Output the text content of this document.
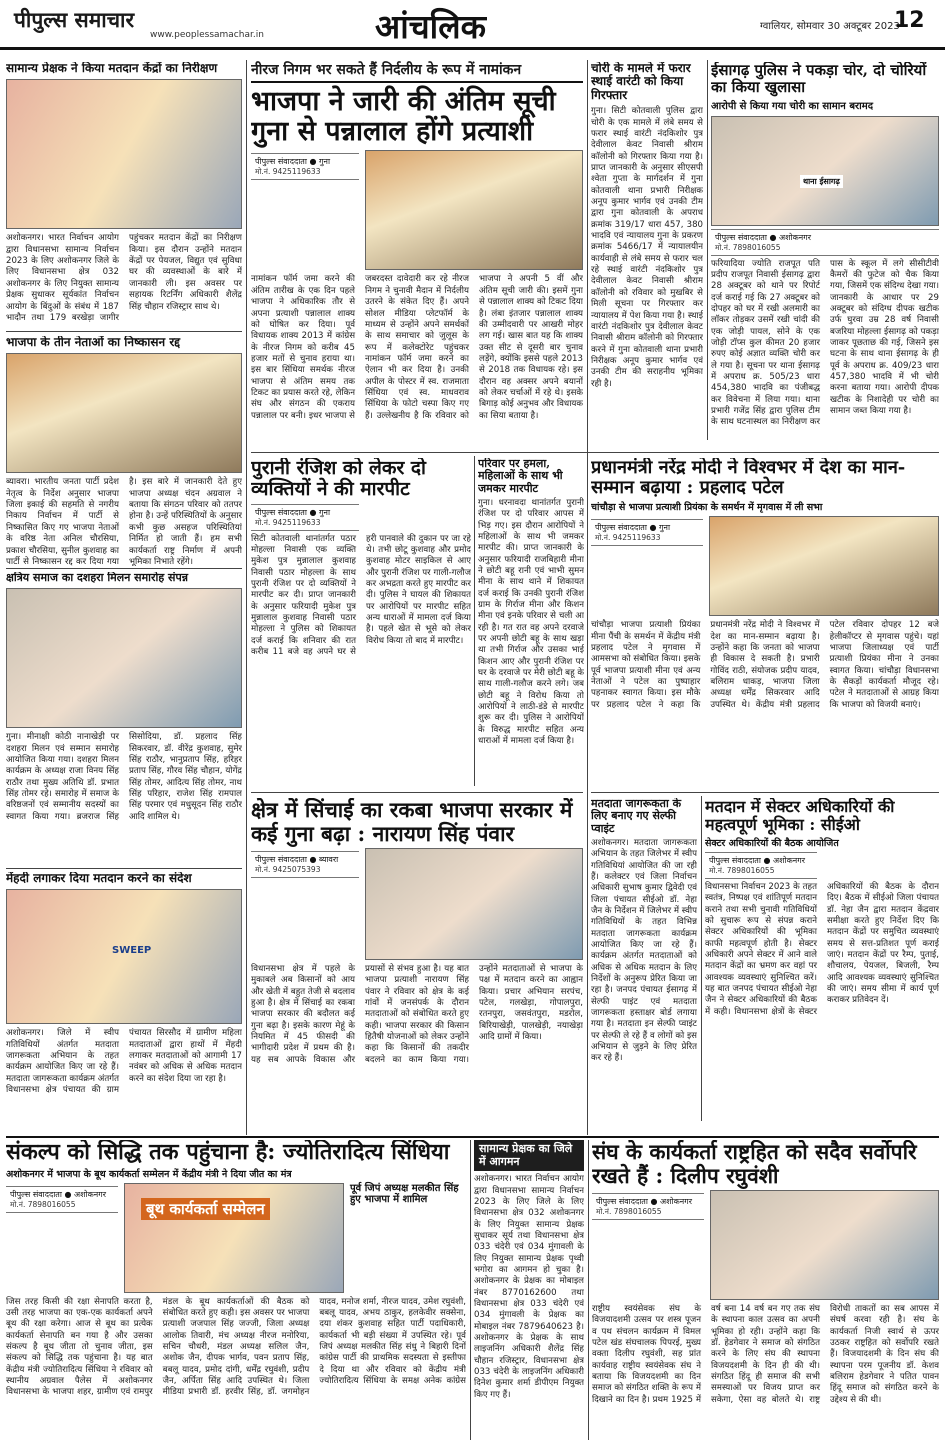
पीपुल्स समाचार
www.peoplessamachar.in	आंचलिक	ग्वालियर, सोमवार 30 अक्टूबर 2023
12
सामान्य प्रेक्षक ने किया मतदान केंद्रों का निरीक्षण
अशोकनगर। भारत निर्वाचन आयोग द्वारा विधानसभा सामान्य निर्वाचन 2023 के लिए अशोकनगर जिले के लिए विधानसभा क्षेत्र 032 अशोकनगर के लिए नियुक्त सामान्य प्रेक्षक सुधाकर सूर्यकांत निर्वाचन आयोग के बिंदुओं के संबंध में 187 भादौन तथा 179 बरखेड़ा जागीर पहुंचकर मतदान केंद्रों का निरीक्षण किया। इस दौरान उन्होंने मतदान केंद्रों पर पेयजल, विद्युत एवं सुविधा घर की व्यवस्थाओं के बारे में जानकारी ली। इस अवसर पर सहायक रिटर्निंग अधिकारी शैलेंद्र सिंह चौहान रजिस्ट्रार साथ थे।
भाजपा के तीन नेताओं का निष्कासन रद्द
ब्यावरा। भारतीय जनता पार्टी प्रदेश नेतृत्व के निर्देश अनुसार भाजपा जिला इकाई की सहमति से नगरीय निकाय निर्वाचन में पार्टी से निष्कासित किए गए भाजपा नेताओं के वरिष्ठ नेता अनिल चौरसिया, प्रकाश चौरसिया, सुनील कुशवाह का पार्टी से निष्कासन रद्द कर दिया गया है। इस बारे में जानकारी देते हुए भाजपा अध्यक्ष चंदन अग्रवाल ने बताया कि संगठन परिवार को ततपर होना है। उन्हें परिस्थितियों के अनुसार कभी कुछ असहज परिस्थितियां निर्मित हो जाती हैं। हम सभी कार्यकर्ता राष्ट्र निर्माण में अपनी भूमिका निभाते रहेंगे।
क्षत्रिय समाज का दशहरा मिलन समारोह संपन्न
गुना। मीनाक्षी कोठी नानाखेड़ी पर दशहरा मिलन एवं सम्मान समारोह आयोजित किया गया। दशहरा मिलन कार्यक्रम के अध्यक्ष राजा विनय सिंह राठौर तथा मुख्य अतिथि डॉ. प्रभात सिंह तोमर रहे। समारोह में समाज के वरिष्ठजनों एवं सम्मानीय सदस्यों का स्वागत किया गया। ब्रजराज सिंह सिसोदिया, डॉ. प्रहलाद सिंह सिकरवार, डॉ. वीरेंद्र कुशवाह, सुमेर सिंह राठौर, भानुप्रताप सिंह, हरिहर प्रताप सिंह, गौरव सिंह चौहान, योगेंद्र सिंह तोमर, आदित्य सिंह तोमर, नाथ सिंह परिहार, राजेश सिंह रामपाल सिंह परमार एवं मधुसूदन सिंह राठौर आदि शामिल थे।
मेंहदी लगाकर दिया मतदान करने का संदेश
SWEEP
अशोकनगर। जिले में स्वीप गतिविधियों अंतर्गत मतदाता जागरूकता अभियान के तहत कार्यक्रम आयोजित किए जा रहे हैं। मतदाता जागरूकता कार्यक्रम अंतर्गत विधानसभा क्षेत्र पंचायत की ग्राम पंचायत सिरसौद में ग्रामीण महिला मतदाताओं द्वारा हाथों में मेंहदी लगाकर मतदाताओं को आगामी 17 नवंबर को अधिक से अधिक मतदान करने का संदेश दिया जा रहा है।
नीरज निगम भर सकते हैं निर्दलीय के रूप में नामांकन
भाजपा ने जारी की अंतिम सूची गुना से पन्नालाल होंगे प्रत्याशी
पीपुल्स संवाददाता ● गुना
मो.नं. 9425119633
नामांकन फॉर्म जमा करने की अंतिम तारीख के एक दिन पहले भाजपा ने अधिकारिक तौर से अपना प्रत्याशी पन्नालाल शाक्य को घोषित कर दिया। पूर्व विधायक शाक्य 2013 में कांग्रेस के नीरज निगम को करीब 45 हजार मतों से चुनाव हराया था। इस बार सिंधिया समर्थक नीरज भाजपा से अंतिम समय तक टिकट का प्रयास करते रहे, लेकिन संघ और संगठन की एकराय पन्नालाल पर बनी। इधर भाजपा से जबरदस्त दावेदारी कर रहे नीरज निगम ने चुनावी मैदान में निर्दलीय उतरने के संकेत दिए हैं। अपने सोशल मीडिया प्लेटफॉर्म के माध्यम से उन्होंने अपने समर्थकों के साथ समाचार को जुलूस के रूप में कलेक्टोरेट पहुंचकर नामांकन फॉर्म जमा करने का ऐलान भी कर दिया है। उनकी अपील के पोस्टर में स्व. राजमाता सिंधिया एवं स्व. माधवराव सिंधिया के फोटो चस्पा किए गए हैं। उल्लेखनीय है कि रविवार को भाजपा ने अपनी 5 वीं और अंतिम सूची जारी की। इसमें गुना से पन्नालाल शाक्य को टिकट दिया है। लंबा इंतजार पन्नालाल शाक्य की उम्मीदवारी पर आखरी मोहर लग गई। खास बात यह कि शाक्य उक्त सीट से दूसरी बार चुनाव लड़ेंगे, क्योंकि इससे पहले 2013 से 2018 तक विधायक रहे। इस दौरान वह अक्सर अपने बयानों को लेकर चर्चाओं में रहे थे। इसके बिगाड़ कोई अनुभव और विधायक का सिया बताया है।
चोरी के मामले में फरार स्थाई वारंटी को किया गिरफ्तार
गुना। सिटी कोतवाली पुलिस द्वारा चोरी के एक मामले में लंबे समय से फरार स्थाई वारंटी नंदकिशोर पुत्र देवीलाल केवट निवासी श्रीराम कॉलोनी को गिरफ्तार किया गया है। प्राप्त जानकारी के अनुसार सीएसपी श्वेता गुप्ता के मार्गदर्शन में गुना कोतवाली थाना प्रभारी निरीक्षक अनूप कुमार भार्गव एवं उनकी टीम द्वारा गुना कोतवाली के अपराध क्रमांक 319/17 धारा 457, 380 भादवि एवं न्यायालय गुना के प्रकरण क्रमांक 5466/17 में न्यायालयीन कार्यवाही से लंबे समय से फरार चल रहे स्थाई वारंटी नंदकिशोर पुत्र देवीलाल केवट निवासी श्रीराम कॉलोनी को रविवार को मुखबिर से मिली सूचना पर गिरफ्तार कर न्यायालय में पेश किया गया है। स्थाई वारंटी नंदकिशोर पुत्र देवीलाल केवट निवासी श्रीराम कॉलोनी को गिरफ्तार करने में गुना कोतवाली थाना प्रभारी निरीक्षक अनूप कुमार भार्गव एवं उनकी टीम की सराहनीय भूमिका रही है।
ईसागढ़ पुलिस ने पकड़ा चोर, दो चोरियों का किया खुलासा
आरोपी से किया गया चोरी का सामान बरामद
थाना ईसागढ़
पीपुल्स संवाददाता ● अशोकनगर
मो.नं. 7898016055
फरियादिया ज्योति राजपूत पति प्रदीप राजपूत निवासी ईसागढ़ द्वारा 28 अक्टूबर को थाने पर रिपोर्ट दर्ज कराई गई कि 27 अक्टूबर को दोपहर को घर में रखी अलमारी का लॉकर तोड़कर उसमें रखी चांदी की एक जोड़ी पायल, सोने के एक जोड़ी टॉप्स कुल कीमत 20 हजार रुपए कोई अज्ञात व्यक्ति चोरी कर ले गया है। सूचना पर थाना ईसागढ़ में अपराध क्र. 505/23 धारा 454,380 भादवि का पंजीबद्ध कर विवेचना में लिया गया। थाना प्रभारी गजेंद्र सिंह द्वारा पुलिस टीम के साथ घटनास्थल का निरीक्षण कर पास के स्कूल में लगे सीसीटीवी कैमरों की फुटेज को चैक किया गया, जिसमें एक संदिग्ध देखा गया। जानकारी के आधार पर 29 अक्टूबर को संदिग्ध दीपक खटीक उर्फ घुरवा उम्र 28 वर्ष निवासी बजरिया मोहल्ला ईसागढ़ को पकड़ा जाकर पूछताछ की गई, जिसने इस घटना के साथ थाना ईसागढ़ के ही पूर्व के अपराध क्र. 409/23 धारा 457,380 भादवि में भी चोरी करना बताया गया। आरोपी दीपक खटीक के निशादेही पर चोरी का सामान जब्त किया गया है।
पुरानी रंजिश को लेकर दो व्यक्तियों ने की मारपीट
पीपुल्स संवाददाता ● गुना
मो.नं. 9425119633
सिटी कोतवाली थानांतर्गत पठार मोहल्ला निवासी एक व्यक्ति मुकेश पुत्र मुन्नालाल कुशवाह निवासी पठार मोहल्ला के साथ पुरानी रंजिश पर दो व्यक्तियों ने मारपीट कर दी। प्राप्त जानकारी के अनुसार फरियादी मुकेश पुत्र मुन्नालाल कुशवाह निवासी पठार मोहल्ला ने पुलिस को शिकायत दर्ज कराई कि शनिवार की रात करीब 11 बजे वह अपने घर से हरी पानवाले की दुकान पर जा रहे थे। तभी छोटू कुशवाह और प्रमोद कुशवाह मोटर साइकिल से आए और पुरानी रंजिश पर गाली-गलौज कर अभद्रता करते हुए मारपीट कर दी। पुलिस ने घायल की शिकायत पर आरोपियों पर मारपीट सहित अन्य धाराओं में मामला दर्ज किया है। पहले खेत से भूसे को लेकर विरोध किया तो बाद में मारपीट।
परिवार पर हमला, महिलाओं के साथ भी जमकर मारपीट
गुना। धरनावदा थानांतर्गत पुरानी रंजिश पर दो परिवार आपस में भिड़ गए। इस दौरान आरोपियों ने महिलाओं के साथ भी जमकर मारपीट की। प्राप्त जानकारी के अनुसार फरियादी राजबिहारी मीना ने छोटी बहू रानी एवं भाभी सुमन मीना के साथ थाने में शिकायत दर्ज कराई कि उनकी पुरानी रंजिश ग्राम के गिर्राज मीना और किशन मीना एवं इनके परिवार से चली आ रही है। गत रात वह अपने दरवाजे पर अपनी छोटी बहू के साथ खड़ा था तभी गिर्राज और उसका भाई किशन आए और पुरानी रंजिश पर घर के दरवाजे पर मेरी छोटी बहू के साथ गाली-गलौज करने लगे। जब छोटी बहू ने विरोध किया तो आरोपियों ने लाठी-डंडे से मारपीट शुरू कर दी। पुलिस ने आरोपियों के विरुद्ध मारपीट सहित अन्य धाराओं में मामला दर्ज किया है।
प्रधानमंत्री नरेंद्र मोदी ने विश्वभर में देश का मान-सम्मान बढ़ाया : प्रहलाद पटेल
चांचौड़ा से भाजपा प्रत्याशी प्रियंका के समर्थन में मृगवास में ली सभा
पीपुल्स संवाददाता ● गुना
मो.नं. 9425119633
चांचौड़ा भाजपा प्रत्याशी प्रियंका मीना पैंची के समर्थन में केंद्रीय मंत्री प्रहलाद पटेल ने मृगवास में आमसभा को संबोधित किया। इसके पूर्व भाजपा प्रत्याशी मीना एवं अन्य नेताओं ने पटेल का पुष्पाहार पहनाकर स्वागत किया। इस मौके पर प्रहलाद पटेल ने कहा कि प्रधानमंत्री नरेंद्र मोदी ने विश्वभर में देश का मान-सम्मान बढ़ाया है। उन्होंने कहा कि जनता को भाजपा ही विकास दे सकती है। प्रभारी गोविंद राठी, संयोजक प्रदीप यादव, बलिराम धाकड़, भाजपा जिला अध्यक्ष धर्मेंद्र सिकरवार आदि उपस्थित थे। केंद्रीय मंत्री प्रहलाद पटेल रविवार दोपहर 12 बजे हेलीकॉप्टर से मृगवास पहुंचे। यहां भाजपा जिलाध्यक्ष एवं पार्टी प्रत्याशी प्रियंका मीना ने उनका स्वागत किया। चांचौड़ा विधानसभा के सैकड़ों कार्यकर्ता मौजूद रहे। पटेल ने मतदाताओं से आग्रह किया कि भाजपा को विजयी बनाएं।
क्षेत्र में सिंचाई का रकबा भाजपा सरकार में कई गुना बढ़ा : नारायण सिंह पंवार
पीपुल्स संवाददाता ● ब्यावरा
मो.नं. 9425075393
विधानसभा क्षेत्र में पहले के मुकाबले अब किसानों को आय और खेती में बहुत तेजी से बदलाव हुआ है। क्षेत्र में सिंचाई का रकबा भाजपा सरकार की बदौलत कई गुना बढ़ा है। इसके कारण मेहूं के नियमित में 45 फीसदी की भागीदारी प्रदेश में प्रथम की है। यह सब आपके विकास और प्रयासों से संभव हुआ है। यह बात भाजपा प्रत्याशी नारायण सिंह पंवार ने रविवार को क्षेत्र के कई गांवों में जनसंपर्क के दौरान मतदाताओं को संबोधित करते हुए कही। भाजपा सरकार की किसान हितैषी योजनाओं को लेकर उन्होंने कहा कि किसानों की तकदीर बदलने का काम किया गया। उन्होंने मतदाताओं से भाजपा के पक्ष में मतदान करने का आह्वान किया। प्रचार अभियान सरपंच, पटेल, गलखेड़ा, गोपालपुरा, रतनपुरा, जसवंतपुरा, मडरोल, बिरियाखेड़ी, पालखेड़ी, नयाखेड़ा आदि ग्रामों में किया।
मतदाता जागरूकता के लिए बनाए गए सेल्फी प्वाइंट
अशोकनगर। मतदाता जागरूकता अभियान के तहत जिलेभर में स्वीप गतिविधियां आयोजित की जा रही हैं। कलेक्टर एवं जिला निर्वाचन अधिकारी सुभाष कुमार द्विवेदी एवं जिला पंचायत सीईओ डॉ. नेहा जैन के निर्देशन में जिलेभर में स्वीप गतिविधियों के तहत विभिन्न मतदाता जागरूकता कार्यक्रम आयोजित किए जा रहे हैं। कार्यक्रम अंतर्गत मतदाताओं को अधिक से अधिक मतदान के लिए निर्देशों के अनुरूप प्रेरित किया जा रहा है। जनपद पंचायत ईसागढ़ में सेल्फी पाइंट एवं मतदाता जागरूकता हस्ताक्षर बोर्ड लगाया गया है। मतदाता इन सेल्फी प्वाइंट पर सेल्फी ले रहे हैं व लोगों को इस अभियान से जुड़ने के लिए प्रेरित कर रहे हैं।
मतदान में सेक्टर अधिकारियों की महत्वपूर्ण भूमिका : सीईओ
सेक्टर अधिकारियों की बैठक आयोजित
पीपुल्स संवाददाता ● अशोकनगर
मो.नं. 7898016055
विधानसभा निर्वाचन 2023 के तहत स्वतंत्र, निष्पक्ष एवं शांतिपूर्ण मतदान कराने तथा सभी चुनावी गतिविधियों को सुचारू रूप से संपन्न कराने सेक्टर अधिकारियों की भूमिका काफी महत्वपूर्ण होती है। सेक्टर अधिकारी अपने सेक्टर में आने वाले मतदान केंद्रों का भ्रमण कर वहां पर आवश्यक व्यवस्थाएं सुनिश्चित करें। यह बात जनपद पंचायत सीईओ नेहा जैन ने सेक्टर अधिकारियों की बैठक में कही। विधानसभा क्षेत्रों के सेक्टर अधिकारियों की बैठक के दौरान दिए। बैठक में सीईओ जिला पंचायत डॉ. नेहा जैन द्वारा मतदान केंद्रवार समीक्षा करते हुए निर्देश दिए कि मतदान केंद्रों पर समुचित व्यवस्थाएं समय से सत्त-प्रतिशत पूर्ण कराई जाएं। मतदान केंद्रों पर रैम्प, पुताई, शौचालय, पेयजल, बिजली, रैम्प आदि आवश्यक व्यवस्थाएं सुनिश्चित की जाएं। समय सीमा में कार्य पूर्ण कराकर प्रतिवेदन दें।
संकल्प को सिद्धि तक पहुंचाना है: ज्योतिरादित्य सिंधिया
अशोकनगर में भाजपा के बूथ कार्यकर्ता सम्मेलन में केंद्रीय मंत्री ने दिया जीत का मंत्र
पीपुल्स संवाददाता ● अशोकनगर
मो.नं. 7898016055	बूथ कार्यकर्ता सम्मेलन
पूर्व जिपं अध्यक्ष मलकीत सिंह हुए भाजपा में शामिल
जिस तरह किसी की रक्षा सेनापति करता है, उसी तरह भाजपा का एक-एक कार्यकर्ता अपने बूथ की रक्षा करेगा। आज से बूथ का प्रत्येक कार्यकर्ता सेनापति बन गया है और उसका संकल्प है बूथ जीता तो चुनाव जीता, इस संकल्प को सिद्धि तक पहुंचाना है। यह बात केंद्रीय मंत्री ज्योतिरादित्य सिंधिया ने रविवार को स्थानीय अग्रवाल पैलेस में अशोकनगर विधानसभा के भाजपा शहर, ग्रामीण एवं रामपुर मंडल के बूथ कार्यकर्ताओं की बैठक को संबोधित करते हुए कही। इस अवसर पर भाजपा प्रत्याशी जजपाल सिंह जज्जी, जिला अध्यक्ष आलोक तिवारी, मंच अध्यक्ष नीरज मनोरिया, सचिन चौधरी, मंडल अध्यक्ष सलिल जैन, अशोक जैन, दीपक भार्गव, पवन प्रताप सिंह, बबलू यादव, प्रमोद दांगी, धर्मेंद्र रघुवंशी, प्रदीप जैन, अर्पिता सिंह आदि उपस्थित थे। जिला मीडिया प्रभारी डॉ. हरवीर सिंह, डॉ. जगमोहन यादव, मनोज शर्मा, नीरज यादव, उमेश रघुवंशी, बबलू यादव, अभय ठाकुर, हलकेवीर सक्सेना, दया शंकर कुशवाह सहित पार्टी पदाधिकारी, कार्यकर्ता भी बड़ी संख्या में उपस्थित रहे। पूर्व जिपं अध्यक्ष मलकीत सिंह संधु ने बिहारी दिनों कांग्रेस पार्टी की प्राथमिक सदस्यता से इस्तीफा दे दिया था और रविवार को केंद्रीय मंत्री ज्योतिरादित्य सिंधिया के समक्ष अनेक कांग्रेस
सामान्य प्रेक्षक का जिले में आगमन
अशोकनगर। भारत निर्वाचन आयोग द्वारा विधानसभा सामान्य निर्वाचन 2023 के लिए जिले के लिए विधानसभा क्षेत्र 032 अशोकनगर के लिए नियुक्त सामान्य प्रेक्षक सुधाकर सूर्य तथा विधानसभा क्षेत्र 033 चंदेरी एवं 034 मुंगावली के लिए नियुक्त सामान्य प्रेक्षक पृथ्वी भगोरा का आगमन हो चुका है। अशोकनगर के प्रेक्षक का मोबाइल नंबर 8770162600 तथा विधानसभा क्षेत्र 033 चंदेरी एवं 034 मुंगावली के प्रेक्षक का मोबाइल नंबर 7879640623 है। अशोकनगर के प्रेक्षक के साथ लाइजनिंग अधिकारी शैलेंद्र सिंह चौहान रजिस्ट्रार, विधानसभा क्षेत्र 033 चंदेरी के लाइजनिंग अधिकारी दिनेश कुमार शर्मा डीपीएम नियुक्त किए गए हैं।
संघ के कार्यकर्ता राष्ट्रहित को सदैव सर्वोपरि रखते हैं : दिलीप रघुवंशी
पीपुल्स संवाददाता ● अशोकनगर
मो.नं. 7898016055
राष्ट्रीय स्वयंसेवक संघ के विजयादशमी उत्सव पर शस्त्र पूजन व पथ संचलन कार्यक्रम में विमल पटेल खंड संघचालक पिपरई, मुख्य वक्ता दिलीप रघुवंशी, सह प्रांत कार्यवाह राष्ट्रीय स्वयंसेवक संघ ने बताया कि विजयदशमी का दिन समाज को संगठित शक्ति के रूप में दिखाने का दिन है। प्रथम 1925 में वर्ष बना 14 वर्ष बन गए तक संघ के स्थापना काल उत्सव का अपनी भूमिका हो रही। उन्होंने कहा कि डॉ. हेडगेवार ने समाज को संगठित करने के लिए संघ की स्थापना विजयदशमी के दिन ही की थी। संगठित हिंदू ही समाज की सभी समस्याओं पर विजय प्राप्त कर सकेगा, ऐसा वह बोलते थे। राष्ट्र विरोधी ताकतों का सब आपस में संघर्ष करवा रही है। संघ के कार्यकर्ता निजी स्वार्थ से ऊपर उठकर राष्ट्रहित को सर्वोपरि रखते हैं। विजयादशमी के दिन संघ की स्थापना परम पूजनीय डॉ. केशव बलिराम हेडगेवार ने पतित पावन हिंदू समाज को संगठित करने के उद्देश्य से की थी।
